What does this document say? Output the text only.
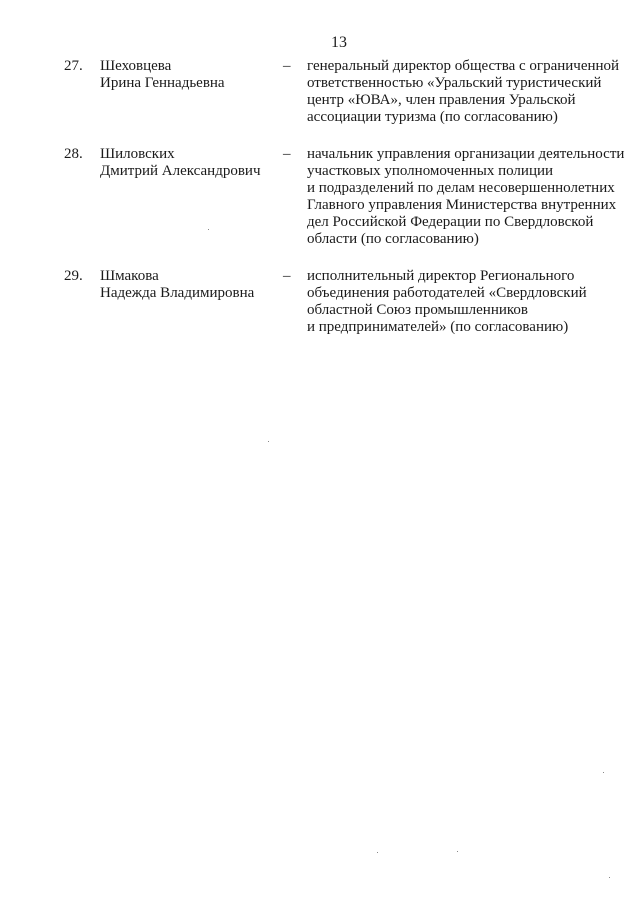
13
27. Шеховцева
Ирина Геннадьевна
– генеральный директор общества с ограниченной
ответственностью «Уральский туристический
центр «ЮВА», член правления Уральской
ассоциации туризма (по согласованию)
28. Шиловских
Дмитрий Александрович
– начальник управления организации деятельности
участковых уполномоченных полиции
и подразделений по делам несовершеннолетних
Главного управления Министерства внутренних
дел Российской Федерации по Свердловской
области (по согласованию)
29. Шмакова
Надежда Владимировна
– исполнительный директор Регионального
объединения работодателей «Свердловский
областной Союз промышленников
и предпринимателей» (по согласованию)
